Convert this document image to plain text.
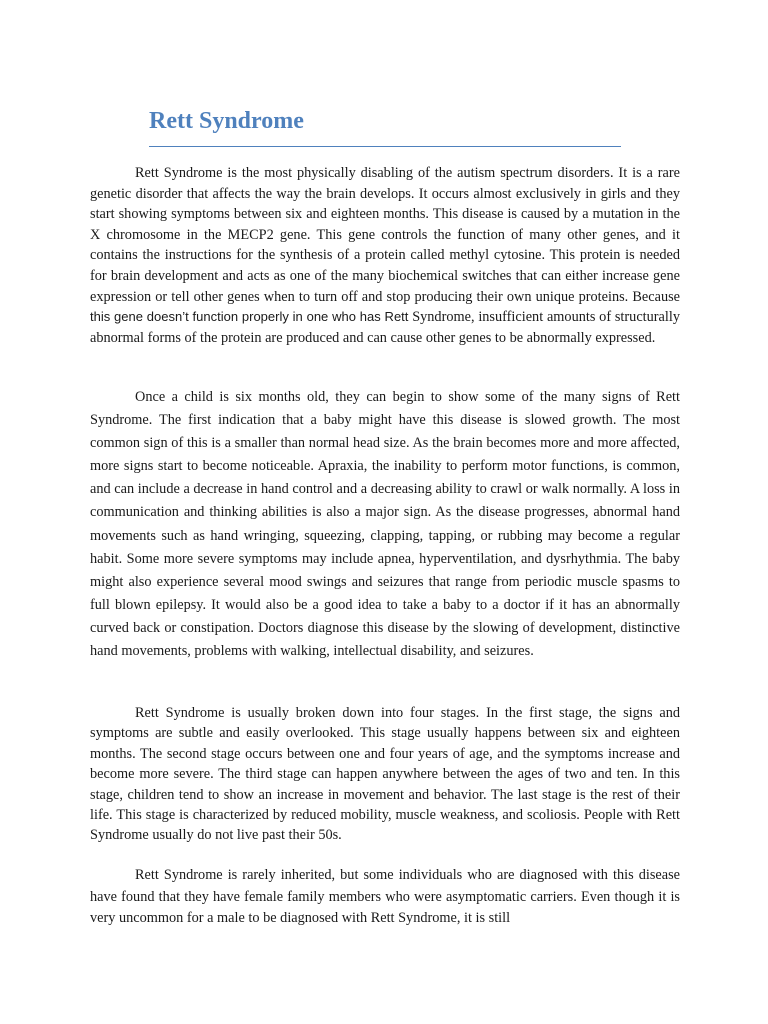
Rett Syndrome

Rett Syndrome is the most physically disabling of the autism spectrum disorders. It is a rare genetic disorder that affects the way the brain develops. It occurs almost exclusively in girls and they start showing symptoms between six and eighteen months. This disease is caused by a mutation in the X chromosome in the MECP2 gene. This gene controls the function of many other genes, and it contains the instructions for the synthesis of a protein called methyl cytosine. This protein is needed for brain development and acts as one of the many biochemical switches that can either increase gene expression or tell other genes when to turn off and stop producing their own unique proteins. Because this gene doesn’t function properly in one who has Rett Syndrome, insufficient amounts of structurally abnormal forms of the protein are produced and can cause other genes to be abnormally expressed.

Once a child is six months old, they can begin to show some of the many signs of Rett Syndrome. The first indication that a baby might have this disease is slowed growth. The most common sign of this is a smaller than normal head size. As the brain becomes more and more affected, more signs start to become noticeable. Apraxia, the inability to perform motor functions, is common, and can include a decrease in hand control and a decreasing ability to crawl or walk normally. A loss in communication and thinking abilities is also a major sign. As the disease progresses, abnormal hand movements such as hand wringing, squeezing, clapping, tapping, or rubbing may become a regular habit. Some more severe symptoms may include apnea, hyperventilation, and dysrhythmia. The baby might also experience several mood swings and seizures that range from periodic muscle spasms to full blown epilepsy. It would also be a good idea to take a baby to a doctor if it has an abnormally curved back or constipation. Doctors diagnose this disease by the slowing of development, distinctive hand movements, problems with walking, intellectual disability, and seizures.

Rett Syndrome is usually broken down into four stages. In the first stage, the signs and symptoms are subtle and easily overlooked. This stage usually happens between six and eighteen months. The second stage occurs between one and four years of age, and the symptoms increase and become more severe. The third stage can happen anywhere between the ages of two and ten. In this stage, children tend to show an increase in movement and behavior. The last stage is the rest of their life. This stage is characterized by reduced mobility, muscle weakness, and scoliosis. People with Rett Syndrome usually do not live past their 50s.

Rett Syndrome is rarely inherited, but some individuals who are diagnosed with this disease have found that they have female family members who were asymptomatic carriers. Even though it is very uncommon for a male to be diagnosed with Rett Syndrome, it is still
